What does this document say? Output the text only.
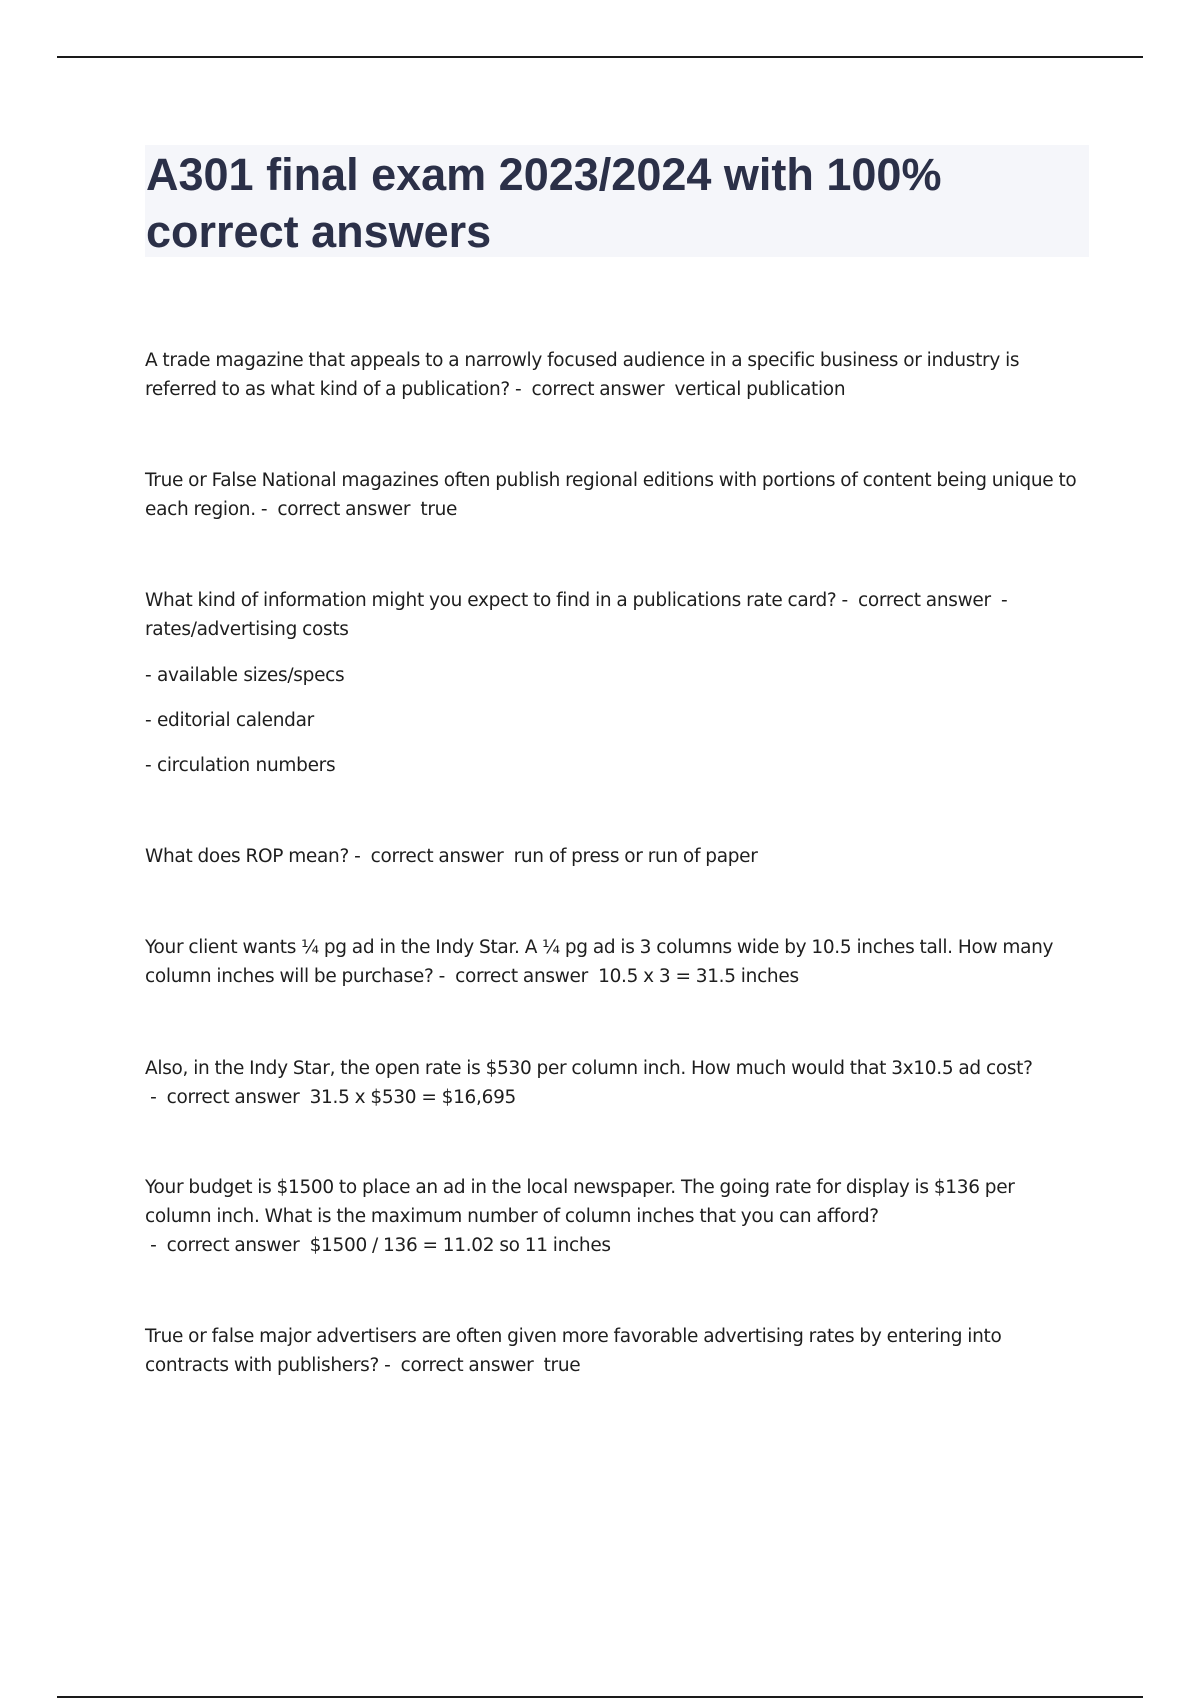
A301 final exam 2023/2024 with 100% correct answers
A trade magazine that appeals to a narrowly focused audience in a specific business or industry is referred to as what kind of a publication? -  correct answer  vertical publication
True or False National magazines often publish regional editions with portions of content being unique to each region. -  correct answer  true
What kind of information might you expect to find in a publications rate card? -  correct answer  - rates/advertising costs
- available sizes/specs
- editorial calendar
- circulation numbers
What does ROP mean? -  correct answer  run of press or run of paper
Your client wants ¼ pg ad in the Indy Star. A ¼ pg ad is 3 columns wide by 10.5 inches tall. How many column inches will be purchase? -  correct answer  10.5 x 3 = 31.5 inches
Also, in the Indy Star, the open rate is $530 per column inch. How much would that 3x10.5 ad cost? -  correct answer  31.5 x $530 = $16,695
Your budget is $1500 to place an ad in the local newspaper. The going rate for display is $136 per column inch. What is the maximum number of column inches that you can afford? -  correct answer  $1500 / 136 = 11.02 so 11 inches
True or false major advertisers are often given more favorable advertising rates by entering into contracts with publishers? -  correct answer  true
